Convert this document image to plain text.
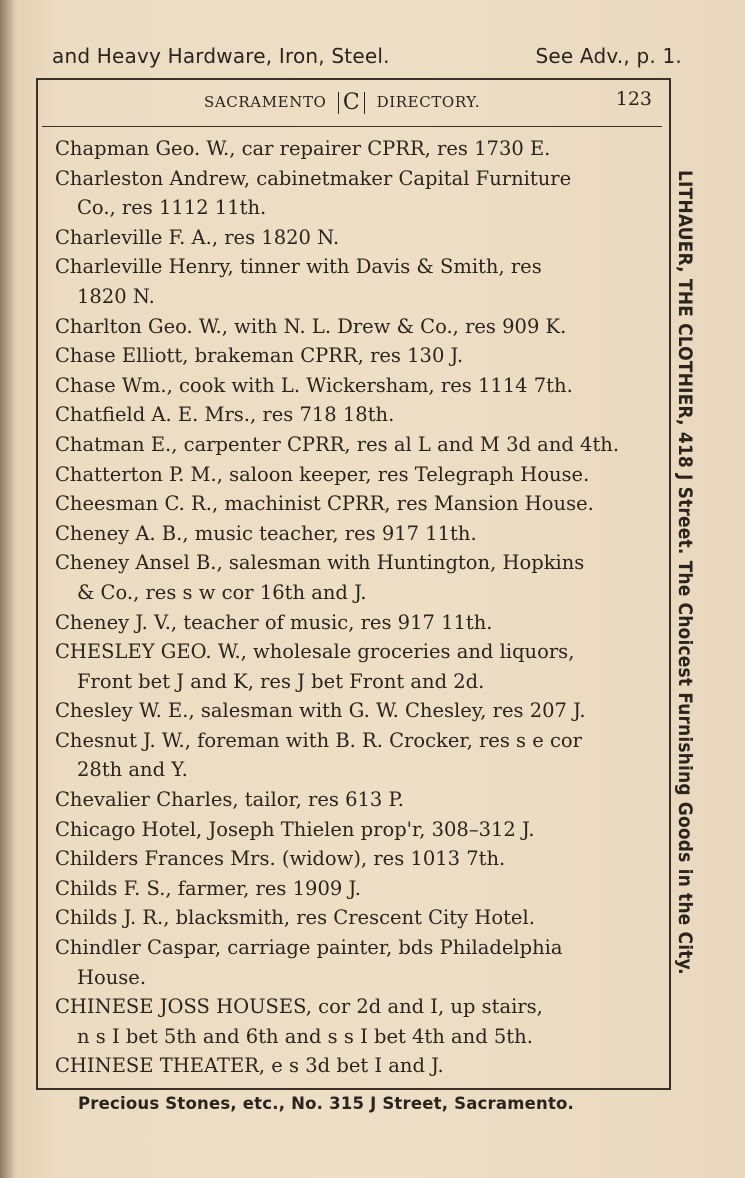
and Heavy Hardware, Iron, Steel.	See Adv., p. 1.
SACRAMENTO C DIRECTORY.	123
Chapman Geo. W., car repairer CPRR, res 1730 E.
Charleston Andrew, cabinetmaker Capital Furniture
Co., res 1112 11th.
Charleville F. A., res 1820 N.
Charleville Henry, tinner with Davis & Smith, res
1820 N.
Charlton Geo. W., with N. L. Drew & Co., res 909 K.
Chase Elliott, brakeman CPRR, res 130 J.
Chase Wm., cook with L. Wickersham, res 1114 7th.
Chatfield A. E. Mrs., res 718 18th.
Chatman E., carpenter CPRR, res al L and M 3d and 4th.
Chatterton P. M., saloon keeper, res Telegraph House.
Cheesman C. R., machinist CPRR, res Mansion House.
Cheney A. B., music teacher, res 917 11th.
Cheney Ansel B., salesman with Huntington, Hopkins
& Co., res s w cor 16th and J.
Cheney J. V., teacher of music, res 917 11th.
CHESLEY GEO. W., wholesale groceries and liquors,
Front bet J and K, res J bet Front and 2d.
Chesley W. E., salesman with G. W. Chesley, res 207 J.
Chesnut J. W., foreman with B. R. Crocker, res s e cor
28th and Y.
Chevalier Charles, tailor, res 613 P.
Chicago Hotel, Joseph Thielen prop'r, 308–312 J.
Childers Frances Mrs. (widow), res 1013 7th.
Childs F. S., farmer, res 1909 J.
Childs J. R., blacksmith, res Crescent City Hotel.
Chindler Caspar, carriage painter, bds Philadelphia
House.
CHINESE JOSS HOUSES, cor 2d and I, up stairs,
n s I bet 5th and 6th and s s I bet 4th and 5th.
CHINESE THEATER, e s 3d bet I and J.
LITHAUER, THE CLOTHIER, 418 J Street. The Choicest Furnishing Goods in the City.
Precious Stones, etc., No. 315 J Street, Sacramento.
